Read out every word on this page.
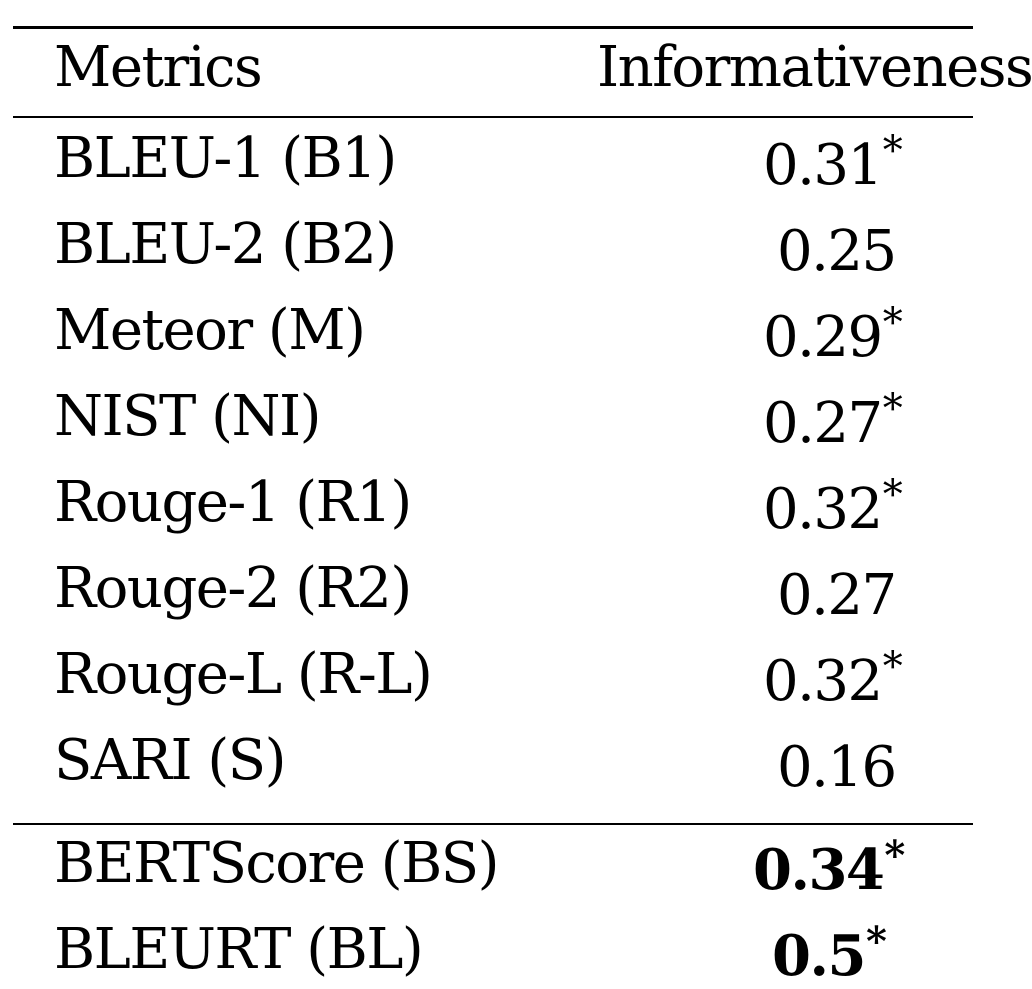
Metrics	Informativeness
BLEU-1 (B1)	0.31*
BLEU-2 (B2)	0.25
Meteor (M)	0.29*
NIST (NI)	0.27*
Rouge-1 (R1)	0.32*
Rouge-2 (R2)	0.27
Rouge-L (R-L)	0.32*
SARI (S)	0.16
BERTScore (BS)	0.34*
BLEURT (BL)	0.5*
